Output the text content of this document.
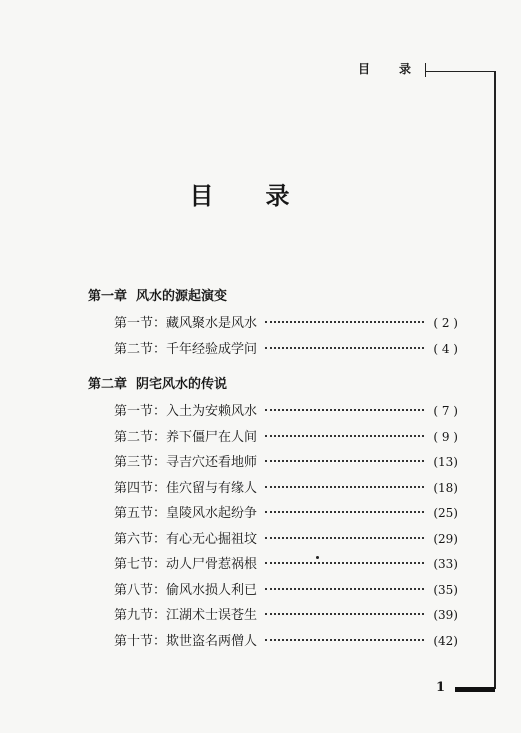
目 录
1
目 录
第一章 风水的源起演变
第一节： 藏风聚水是风水	( 2 )
第二节： 千年经验成学问	( 4 )
第二章 阴宅风水的传说
第一节： 入土为安赖风水	( 7 )
第二节： 养下僵尸在人间	( 9 )
第三节： 寻吉穴还看地师	(13)
第四节： 佳穴留与有缘人	(18)
第五节： 皇陵风水起纷争	(25)
第六节： 有心无心掘祖坟	(29)
第七节： 动人尸骨惹祸根	(33)
第八节： 偷风水损人利已	(35)
第九节： 江湖术士误苍生	(39)
第十节： 欺世盗名两僧人	(42)
